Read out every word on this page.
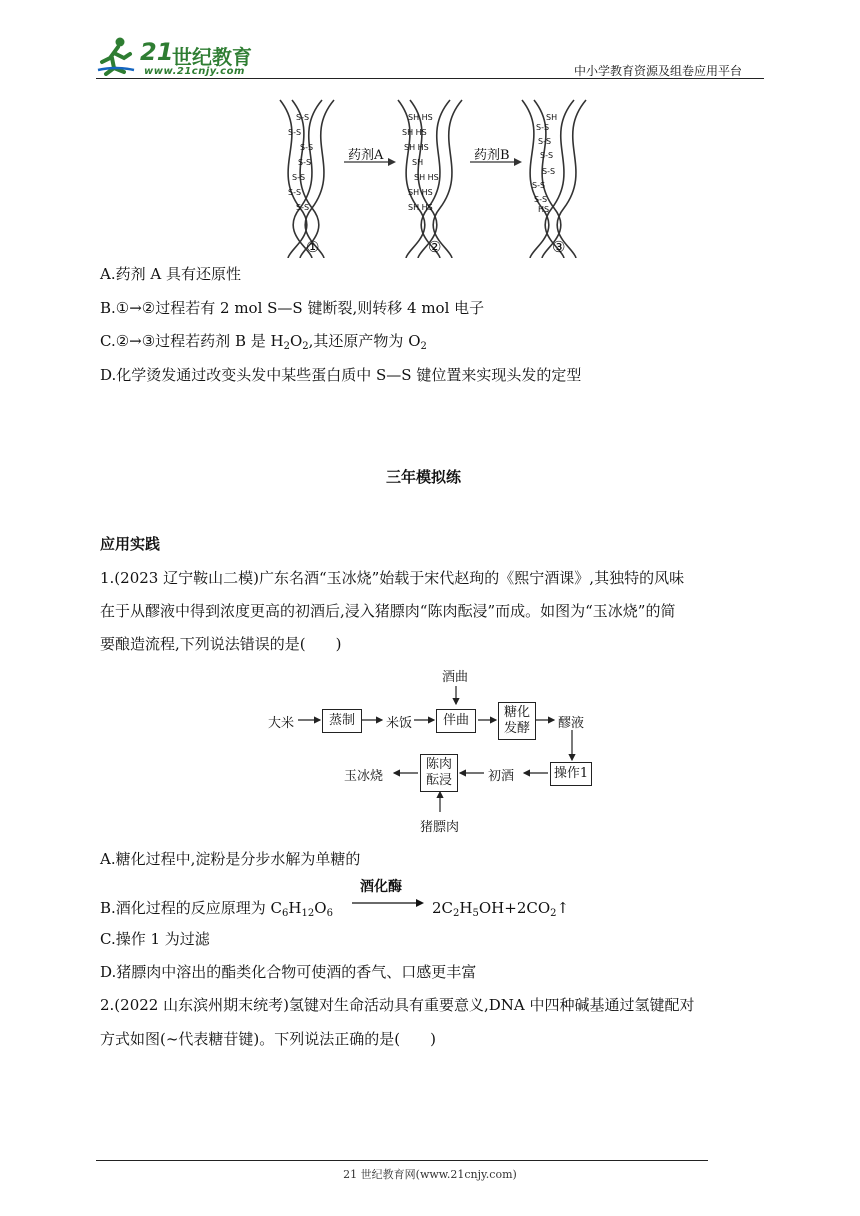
21
世纪教育
www.21cnjy.com	中小学教育资源及组卷应用平台
S-S
S-S
S-S
S-S
S-S
S-S
S-S
SH HS
SH HS
SH HS
SH
SH HS
SH HS
SH HS
SH
S-S
S-S
S-S
S-S
S-S
S-S
HS
药剂A	药剂B
①	②	③
A.药剂 A 具有还原性
B.①→②过程若有 2 mol S—S 键断裂,则转移 4 mol 电子
C.②→③过程若药剂 B 是 $H_2O_2$,其还原产物为 $O_2$
D.化学烫发通过改变头发中某些蛋白质中 S—S 键位置来实现头发的定型
三年模拟练
应用实践
1.(2023 辽宁鞍山二模)广东名酒“玉冰烧”始载于宋代赵珣的《熙宁酒课》,其独特的风味
在于从醪液中得到浓度更高的初酒后,浸入猪膘肉“陈肉酝浸”而成。如图为“玉冰烧”的简
要酿造流程,下列说法错误的是(　　)
大米	蒸制	米饭
酒曲
伴曲
糖化
发酵 醪液
操作1
初酒
陈肉
酝浸
玉冰烧
猪膘肉
A.糖化过程中,淀粉是分步水解为单糖的
B.酒化过程的反应原理为 $C_6H_{12}O_6$
酒化酶
$2C_2H_5OH+2CO_2↑$
C.操作 1 为过滤
D.猪膘肉中溶出的酯类化合物可使酒的香气、口感更丰富
2.(2022 山东滨州期末统考)氢键对生命活动具有重要意义,DNA 中四种碱基通过氢键配对
方式如图(~代表糖苷键)。下列说法正确的是(　　)
21 世纪教育网(www.21cnjy.com)
